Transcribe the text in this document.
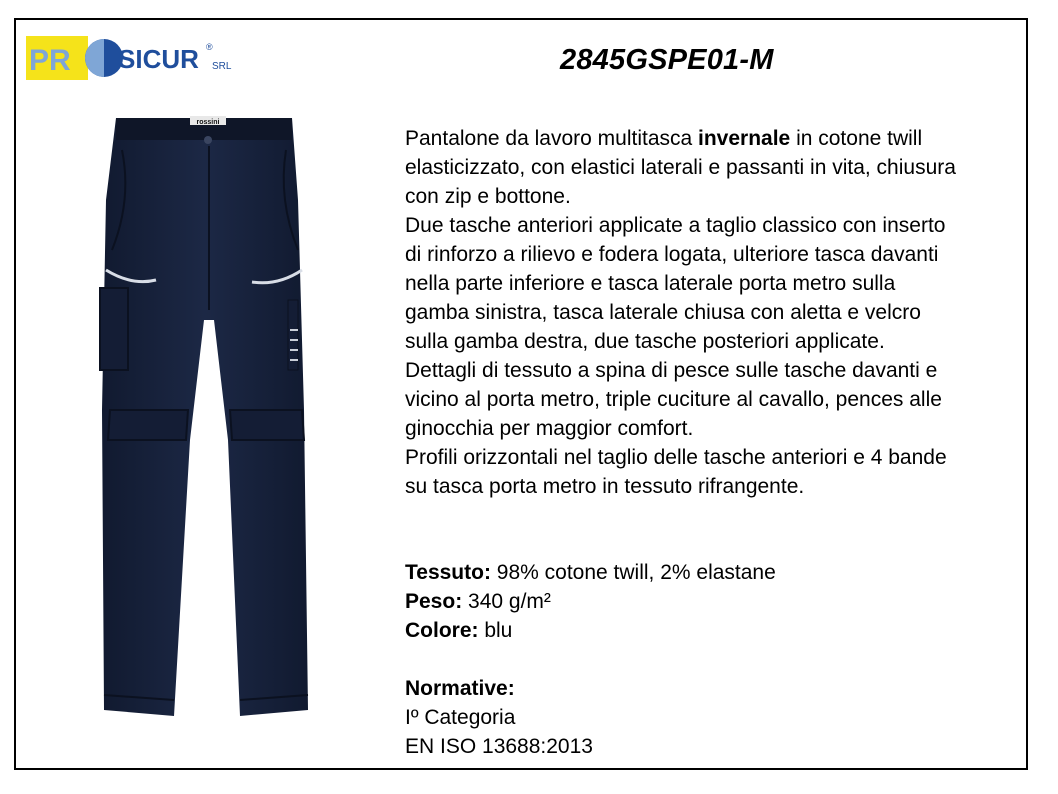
PR SICUR ®
SRL	2845GSPE01-M
rossini

Pantalone da lavoro multitasca invernale in cotone twill elasticizzato, con elastici laterali e passanti in vita, chiusura con zip e bottone.

Due tasche anteriori applicate a taglio classico con inserto di rinforzo a rilievo e fodera logata, ulteriore tasca davanti nella parte inferiore e tasca laterale porta metro sulla gamba sinistra, tasca laterale chiusa con aletta e velcro sulla gamba destra, due tasche posteriori applicate.

Dettagli di tessuto a spina di pesce sulle tasche davanti e vicino al porta metro, triple cuciture al cavallo, pences alle ginocchia per maggior comfort.

Profili orizzontali nel taglio delle tasche anteriori e 4 bande su tasca porta metro in tessuto rifrangente.

Tessuto: 98% cotone twill, 2% elastane
Peso: 340 g/m²
Colore: blu
Normative:
Iº Categoria
EN ISO 13688:2013
